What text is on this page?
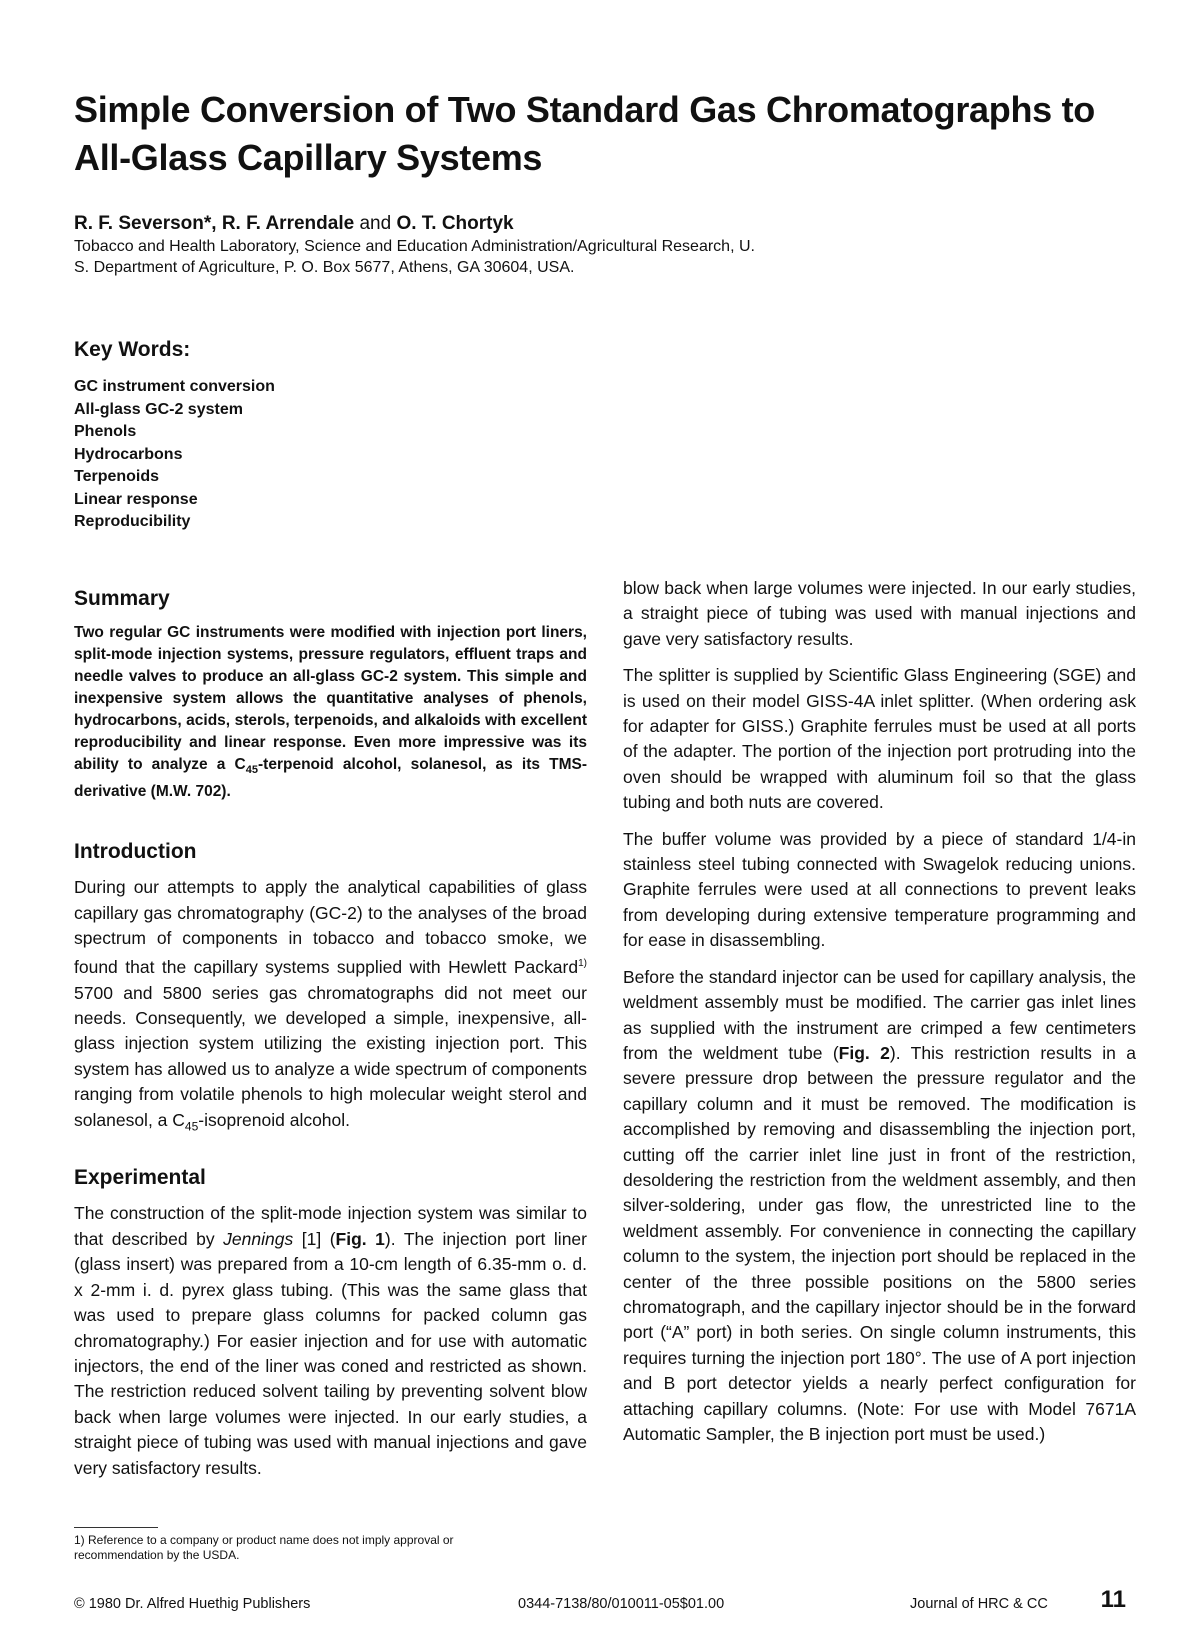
Simple Conversion of Two Standard Gas Chromatographs to All-Glass Capillary Systems
R. F. Severson*, R. F. Arrendale and O. T. Chortyk
Tobacco and Health Laboratory, Science and Education Administration/Agricultural Research, U. S. Department of Agriculture, P. O. Box 5677, Athens, GA 30604, USA.
Key Words:
GC instrument conversion
All-glass GC-2 system
Phenols
Hydrocarbons
Terpenoids
Linear response
Reproducibility
Summary

Two regular GC instruments were modified with injection port liners, split-mode injection systems, pressure regulators, effluent traps and needle valves to produce an all-glass GC-2 system. This simple and inexpensive system allows the quantitative analyses of phenols, hydrocarbons, acids, sterols, terpenoids, and alkaloids with excellent reproducibility and linear response. Even more impressive was its ability to analyze a $C_{45}$-terpenoid alcohol, solanesol, as its TMS-derivative (M.W. 702).

Introduction

During our attempts to apply the analytical capabilities of glass capillary gas chromatography (GC-2) to the analyses of the broad spectrum of components in tobacco and tobacco smoke, we found that the capillary systems supplied with Hewlett Packard$^{1)}$ 5700 and 5800 series gas chromatographs did not meet our needs. Consequently, we developed a simple, inexpensive, all-glass injection system utilizing the existing injection port. This system has allowed us to analyze a wide spectrum of components ranging from volatile phenols to high molecular weight sterol and solanesol, a $C_{45}$-isoprenoid alcohol.

Experimental

The construction of the split-mode injection system was similar to that described by Jennings [1] (Fig. 1). The injection port liner (glass insert) was prepared from a 10-cm length of 6.35-mm o. d. x 2-mm i. d. pyrex glass tubing. (This was the same glass that was used to prepare glass columns for packed column gas chromatography.) For easier injection and for use with automatic injectors, the end of the liner was coned and restricted as shown. The restriction reduced solvent tailing by preventing solvent blow back when large volumes were injected. In our early studies, a straight piece of tubing was used with manual injections and gave very satisfactory results.

blow back when large volumes were injected. In our early studies, a straight piece of tubing was used with manual injections and gave very satisfactory results.

The splitter is supplied by Scientific Glass Engineering (SGE) and is used on their model GISS-4A inlet splitter. (When ordering ask for adapter for GISS.) Graphite ferrules must be used at all ports of the adapter. The portion of the injection port protruding into the oven should be wrapped with aluminum foil so that the glass tubing and both nuts are covered.

The buffer volume was provided by a piece of standard 1/4-in stainless steel tubing connected with Swagelok reducing unions. Graphite ferrules were used at all connections to prevent leaks from developing during extensive temperature programming and for ease in disassembling.

Before the standard injector can be used for capillary analysis, the weldment assembly must be modified. The carrier gas inlet lines as supplied with the instrument are crimped a few centimeters from the weldment tube (Fig. 2). This restriction results in a severe pressure drop between the pressure regulator and the capillary column and it must be removed. The modification is accomplished by removing and disassembling the injection port, cutting off the carrier inlet line just in front of the restriction, desoldering the restriction from the weldment assembly, and then silver-soldering, under gas flow, the unrestricted line to the weldment assembly. For convenience in connecting the capillary column to the system, the injection port should be replaced in the center of the three possible positions on the 5800 series chromatograph, and the capillary injector should be in the forward port (“A” port) in both series. On single column instruments, this requires turning the injection port 180°. The use of A port injection and B port detector yields a nearly perfect configuration for attaching capillary columns. (Note: For use with Model 7671A Automatic Sampler, the B injection port must be used.)

1) Reference to a company or product name does not imply approval or recommendation by the USDA.
© 1980 Dr. Alfred Huethig Publishers	0344-7138/80/010011-05$01.00	Journal of HRC & CC 11
